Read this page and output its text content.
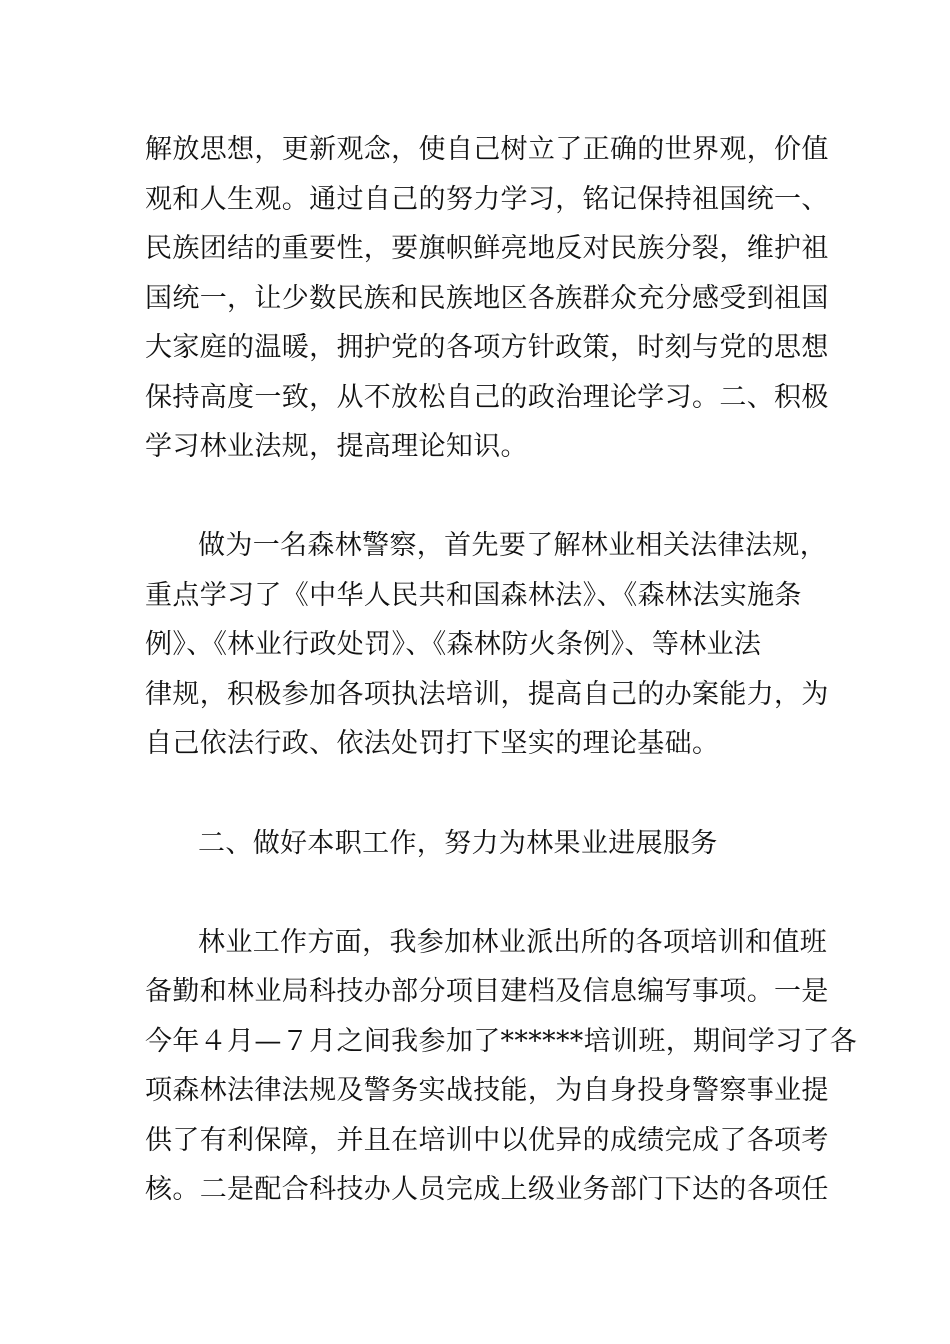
解放思想，更新观念，使自己树立了正确的世界观，价值

观和人生观。通过自己的努力学习，铭记保持祖国统一、

民族团结的重要性，要旗帜鲜亮地反对民族分裂，维护祖

国统一，让少数民族和民族地区各族群众充分感受到祖国

大家庭的温暖，拥护党的各项方针政策，时刻与党的思想

保持高度一致，从不放松自己的政治理论学习。二、积极

学习林业法规，提高理论知识。

做为一名森林警察，首先要了解林业相关法律法规，

重点学习了《中华人民共和国森林法》、《森林法实施条

例》、《林业行政处罚》、《森林防火条例》、等林业法

律规，积极参加各项执法培训，提高自己的办案能力，为

自己依法行政、依法处罚打下坚实的理论基础。

二、做好本职工作，努力为林果业进展服务

林业工作方面，我参加林业派出所的各项培训和值班

备勤和林业局科技办部分项目建档及信息编写事项。一是

今年４月—７月之间我参加了******培训班，期间学习了各

项森林法律法规及警务实战技能，为自身投身警察事业提

供了有利保障，并且在培训中以优异的成绩完成了各项考

核。二是配合科技办人员完成上级业务部门下达的各项任
